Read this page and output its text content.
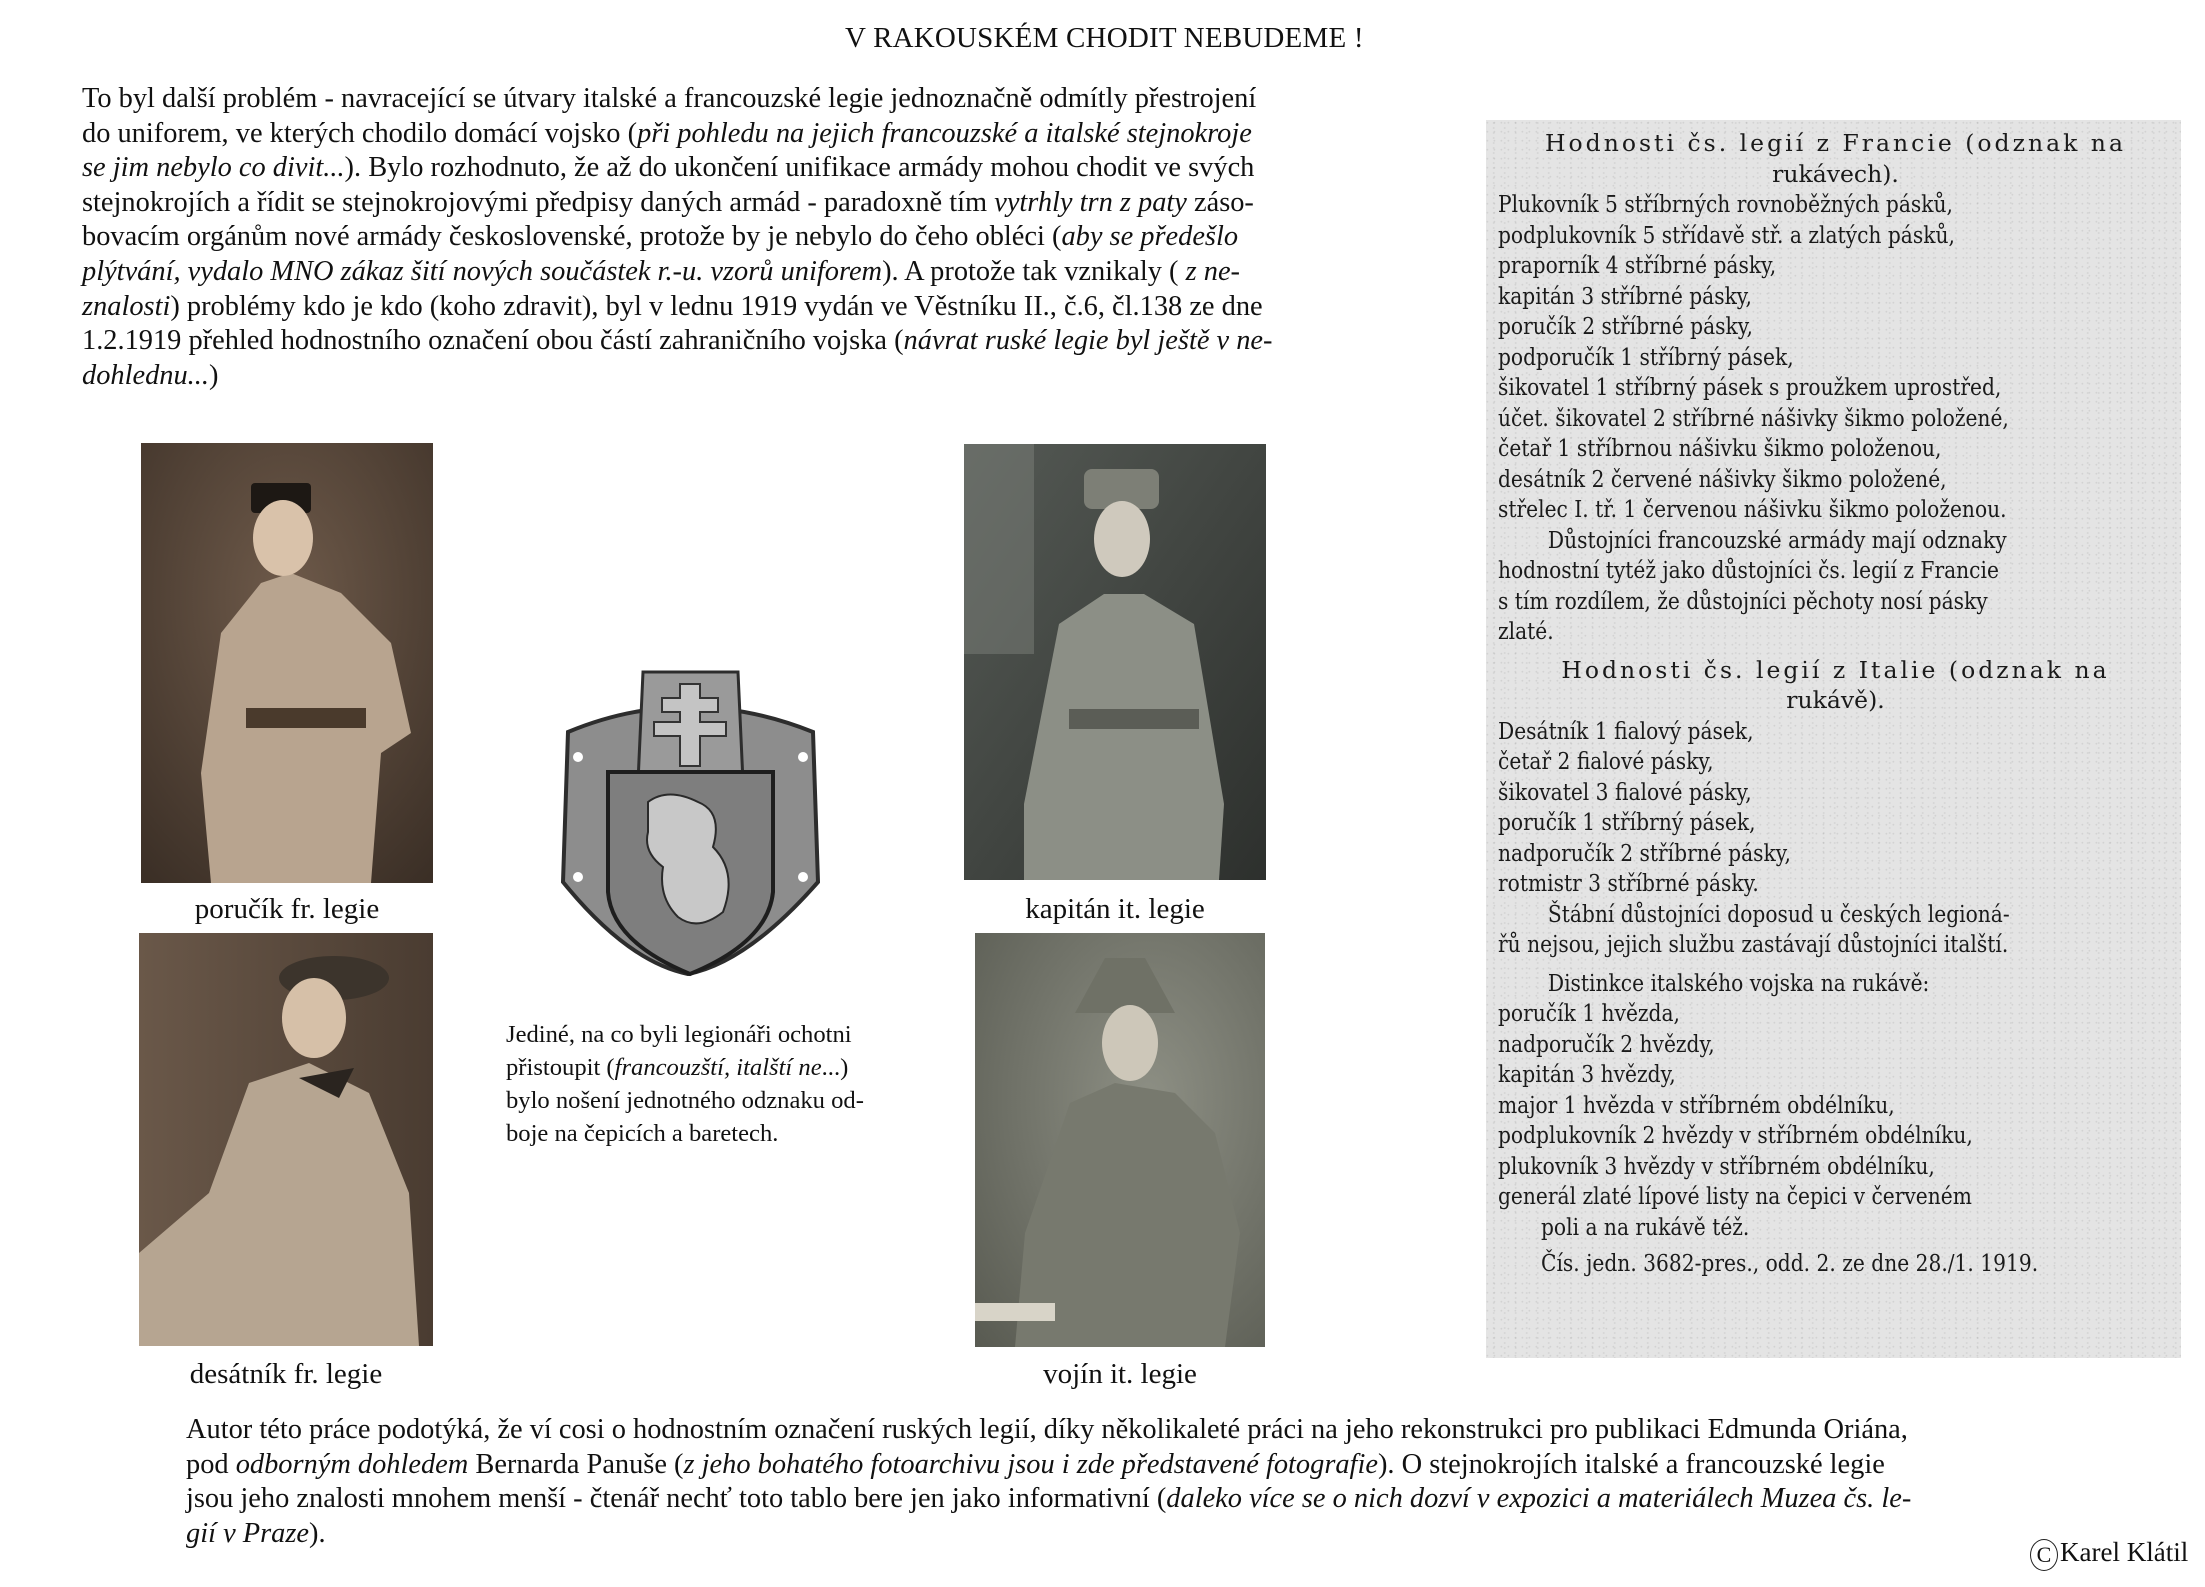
V RAKOUSKÉM CHODIT NEBUDEME !

To byl další problém - navracející se útvary italské a francouzské legie jednoznačně odmítly přestrojení

do uniforem, ve kterých chodilo domácí vojsko (při pohledu na jejich francouzské a italské stejnokroje

se jim nebylo co divit...). Bylo rozhodnuto, že až do ukončení unifikace armády mohou chodit ve svých

stejnokrojích a řídit se stejnokrojovými předpisy daných armád - paradoxně tím vytrhly trn z paty záso-

bovacím orgánům nové armády československé, protože by je nebylo do čeho obléci (aby se předešlo

plýtvání, vydalo MNO zákaz šití nových součástek r.-u. vzorů uniforem). A protože tak vznikaly ( z ne-

znalosti) problémy kdo je kdo (koho zdravit), byl v lednu 1919 vydán ve Věstníku II., č.6, čl.138 ze dne

1.2.1919 přehled hodnostního označení obou částí zahraničního vojska (návrat ruské legie byl ještě v ne-

dohlednu...)

poručík fr. legie	kapitán it. legie
desátník fr. legie	vojín it. legie

Jediné, na co byli legionáři ochotni

přistoupit (francouzští, italští ne...)

bylo nošení jednotného odznaku od-

boje na čepicích a baretech.

Hodnosti čs. legií z Francie (odznak na
rukávech).
Plukovník 5 stříbrných rovnoběžných pásků,
podplukovník 5 střídavě stř. a zlatých pásků,
praporník 4 stříbrné pásky,
kapitán 3 stříbrné pásky,
poručík 2 stříbrné pásky,
podporučík 1 stříbrný pásek,
šikovatel 1 stříbrný pásek s proužkem uprostřed,
účet. šikovatel 2 stříbrné nášivky šikmo položené,
četař 1 stříbrnou nášivku šikmo položenou,
desátník 2 červené nášivky šikmo položené,
střelec I. tř. 1 červenou nášivku šikmo položenou.
Důstojníci francouzské armády mají odznaky
hodnostní tytéž jako důstojníci čs. legií z Francie
s tím rozdílem, že důstojníci pěchoty nosí pásky
zlaté.
Hodnosti čs. legií z Italie (odznak na
rukávě).
Desátník 1 fialový pásek,
četař 2 fialové pásky,
šikovatel 3 fialové pásky,
poručík 1 stříbrný pásek,
nadporučík 2 stříbrné pásky,
rotmistr 3 stříbrné pásky.
Štábní důstojníci doposud u českých legioná-
řů nejsou, jejich službu zastávají důstojníci italští.
Distinkce italského vojska na rukávě:
poručík 1 hvězda,
nadporučík 2 hvězdy,
kapitán 3 hvězdy,
major 1 hvězda v stříbrném obdélníku,
podplukovník 2 hvězdy v stříbrném obdélníku,
plukovník 3 hvězdy v stříbrném obdélníku,
generál zlaté lípové listy na čepici v červeném
poli a na rukávě též.
Čís. jedn. 3682-pres., odd. 2. ze dne 28./1. 1919.

Autor této práce podotýká, že ví cosi o hodnostním označení ruských legií, díky několikaleté práci na jeho rekonstrukci pro publikaci Edmunda Oriána,

pod odborným dohledem Bernarda Panuše (z jeho bohatého fotoarchivu jsou i zde představené fotografie). O stejnokrojích italské a francouzské legie

jsou jeho znalosti mnohem menší - čtenář nechť toto tablo bere jen jako informativní (daleko více se o nich dozví v expozici a materiálech Muzea čs. le-

gií v Praze).

C Karel Klátil
